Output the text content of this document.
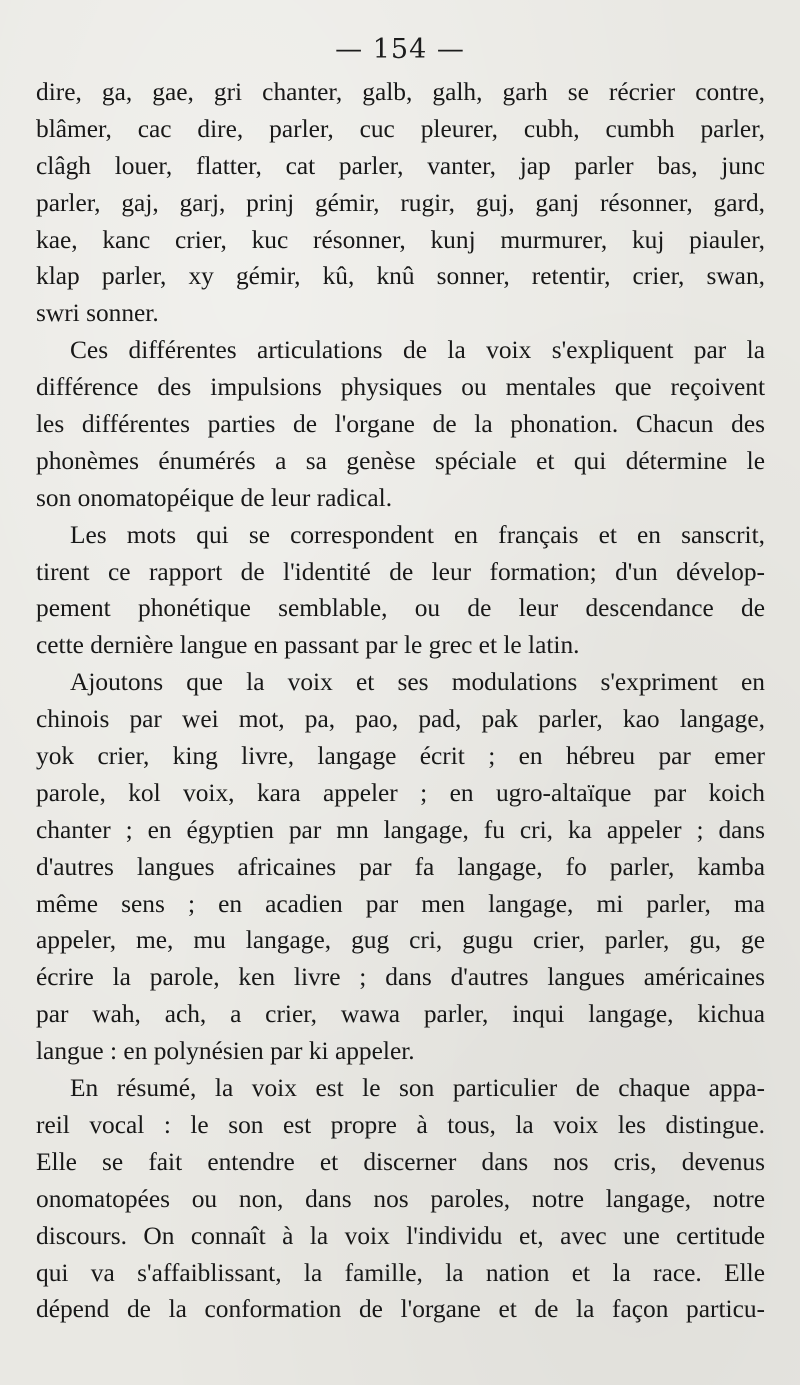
— 154 —
dire, ga, gae, gri chanter, galb, galh, garh se récrier contre,
blâmer, cac dire, parler, cuc pleurer, cubh, cumbh parler,
clâgh louer, flatter, cat parler, vanter, jap parler bas, junc
parler, gaj, garj, prinj gémir, rugir, guj, ganj résonner, gard,
kae, kanc crier, kuc résonner, kunj murmurer, kuj piauler,
klap parler, xy gémir, kû, knû sonner, retentir, crier, swan,
swri sonner.
Ces différentes articulations de la voix s'expliquent par la
différence des impulsions physiques ou mentales que reçoivent
les différentes parties de l'organe de la phonation. Chacun des
phonèmes énumérés a sa genèse spéciale et qui détermine le
son onomatopéique de leur radical.
Les mots qui se correspondent en français et en sanscrit,
tirent ce rapport de l'identité de leur formation; d'un dévelop-
pement phonétique semblable, ou de leur descendance de
cette dernière langue en passant par le grec et le latin.
Ajoutons que la voix et ses modulations s'expriment en
chinois par wei mot, pa, pao, pad, pak parler, kao langage,
yok crier, king livre, langage écrit ; en hébreu par emer
parole, kol voix, kara appeler ; en ugro-altaïque par koich
chanter ; en égyptien par mn langage, fu cri, ka appeler ; dans
d'autres langues africaines par fa langage, fo parler, kamba
même sens ; en acadien par men langage, mi parler, ma
appeler, me, mu langage, gug cri, gugu crier, parler, gu, ge
écrire la parole, ken livre ; dans d'autres langues américaines
par wah, ach, a crier, wawa parler, inqui langage, kichua
langue : en polynésien par ki appeler.
En résumé, la voix est le son particulier de chaque appa-
reil vocal : le son est propre à tous, la voix les distingue.
Elle se fait entendre et discerner dans nos cris, devenus
onomatopées ou non, dans nos paroles, notre langage, notre
discours. On connaît à la voix l'individu et, avec une certitude
qui va s'affaiblissant, la famille, la nation et la race. Elle
dépend de la conformation de l'organe et de la façon particu-
